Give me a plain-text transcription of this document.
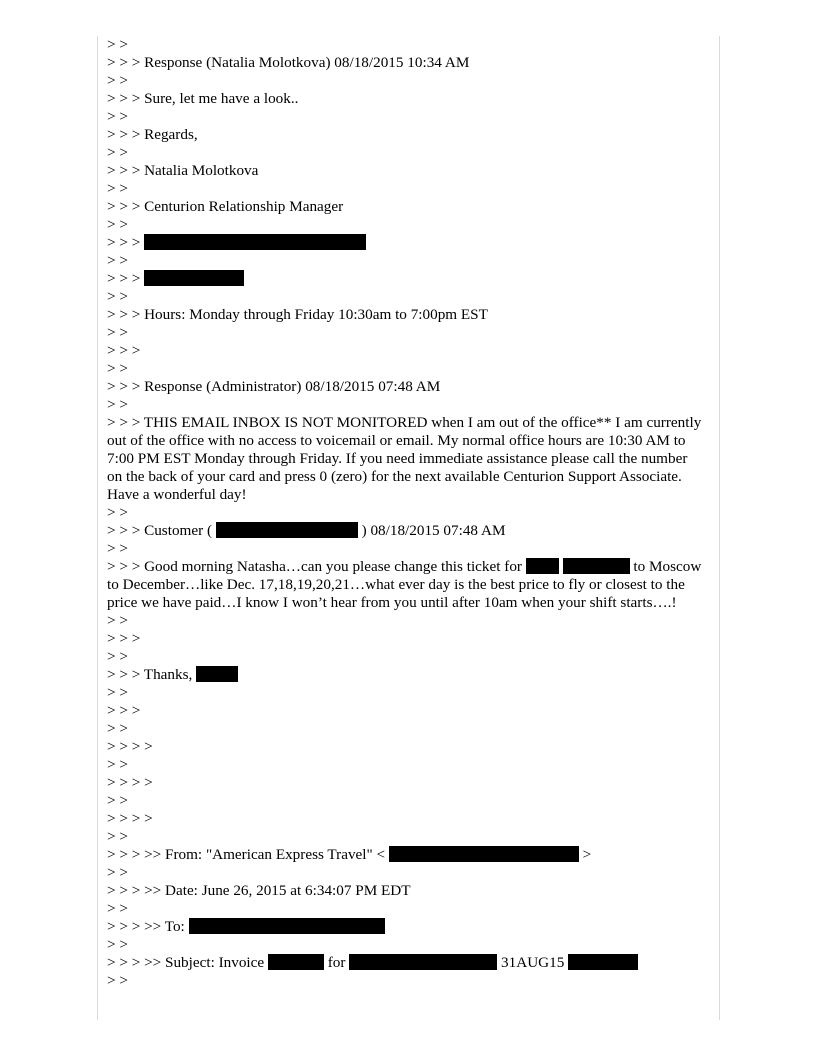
> >
> > > Response (Natalia Molotkova) 08/18/2015 10:34 AM
> >
> > > Sure, let me have a look..
> >
> > > Regards,
> >
> > > Natalia Molotkova
> >
> > > Centurion Relationship Manager
> >
> > >
> >
> > >
> >
> > > Hours: Monday through Friday 10:30am to 7:00pm EST
> >
> > >
> >
> > > Response (Administrator) 08/18/2015 07:48 AM
> >
> > > THIS EMAIL INBOX IS NOT MONITORED when I am out of the office** I am currently out of the office with no access to voicemail or email. My normal office hours are 10:30 AM to 7:00 PM EST Monday through Friday. If you need immediate assistance please call the number on the back of your card and press 0 (zero) for the next available Centurion Support Associate. Have a wonderful day!
> >
> > > Customer (	) 08/18/2015 07:48 AM
> >
> > > Good morning Natasha…can you please change this ticket for	to Moscow to December…like Dec. 17,18,19,20,21…what ever day is the best price to fly or closest to the price we have paid…I know I won’t hear from you until after 10am when your shift starts….!
> >
> > >
> >
> > > Thanks,
> >
> > >
> >
> > > >
> >
> > > >
> >
> > > >
> >
> > > >> From: "American Express Travel" <	>
> >
> > > >> Date: June 26, 2015 at 6:34:07 PM EDT
> >
> > > >> To:
> >
> > > >> Subject: Invoice	for	31AUG15
> >
